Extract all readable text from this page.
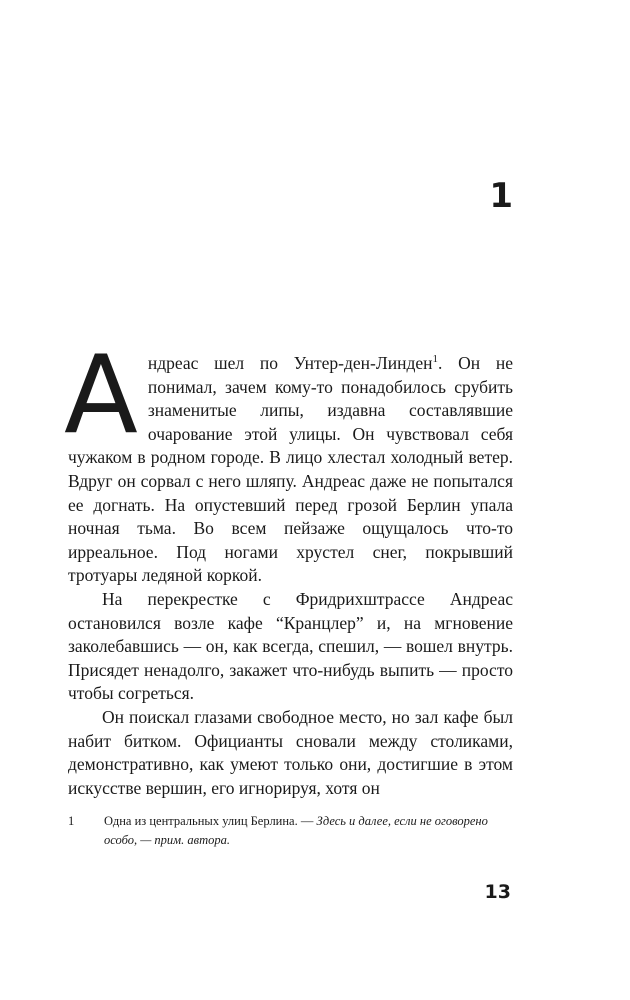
1

Андреас шел по Унтер-ден-Линден$^1$. Он не понимал, зачем кому-то понадобилось срубить знаменитые липы, издавна составлявшие очарование этой улицы. Он чувствовал себя чужаком в родном городе. В лицо хлестал холодный ветер. Вдруг он сорвал с него шляпу. Андреас даже не попытался ее догнать. На опустевший перед грозой Берлин упала ночная тьма. Во всем пейзаже ощущалось что-то ирреальное. Под ногами хрустел снег, покрывший тротуары ледяной коркой.

На перекрестке с Фридрихштрассе Андреас остановился возле кафе “Кранцлер” и, на мгновение заколебавшись — он, как всегда, спешил, — вошел внутрь. Присядет ненадолго, закажет что-нибудь выпить — просто чтобы согреться.

Он поискал глазами свободное место, но зал кафе был набит битком. Официанты сновали между столиками, демонстративно, как умеют только они, достигшие в этом искусстве вершин, его игнорируя, хотя он

1 Одна из центральных улиц Берлина. — Здесь и далее, если не оговорено особо, — прим. автора.
13
